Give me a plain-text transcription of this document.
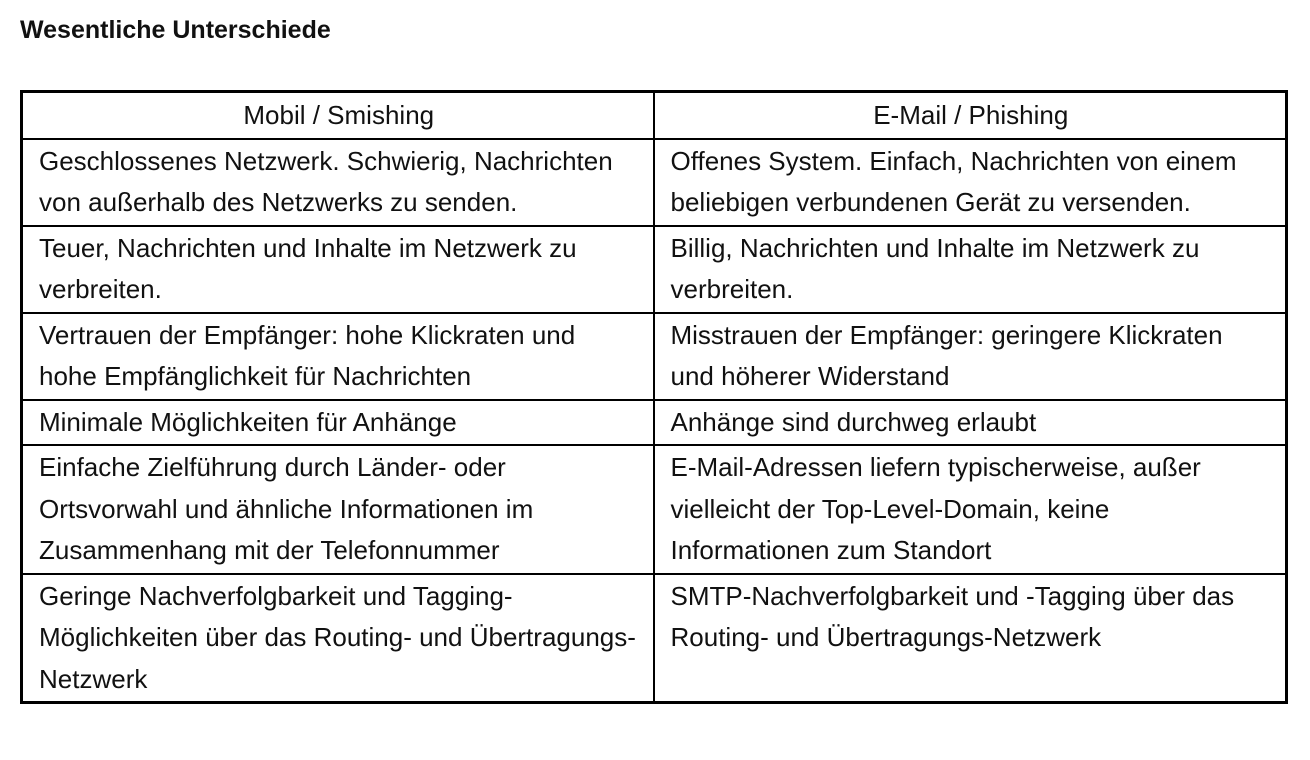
Wesentliche Unterschiede
Mobil / Smishing	E-Mail / Phishing
Geschlossenes Netzwerk. Schwierig, Nachrichten von außerhalb des Netzwerks zu senden.	Offenes System. Einfach, Nachrichten von einem beliebigen verbundenen Gerät zu versenden.
Teuer, Nachrichten und Inhalte im Netzwerk zu verbreiten.	Billig, Nachrichten und Inhalte im Netzwerk zu verbreiten.
Vertrauen der Empfänger: hohe Klickraten und hohe Empfänglichkeit für Nachrichten	Misstrauen der Empfänger: geringere Klickraten und höherer Widerstand
Minimale Möglichkeiten für Anhänge	Anhänge sind durchweg erlaubt
Einfache Zielführung durch Länder- oder Ortsvorwahl und ähnliche Informationen im Zusammenhang mit der Telefonnummer	E-Mail-Adressen liefern typischerweise, außer vielleicht der Top-Level-Domain, keine Informationen zum Standort
Geringe Nachverfolgbarkeit und Tagging-Möglichkeiten über das Routing- und Übertragungs-Netzwerk	SMTP-Nachverfolgbarkeit und -Tagging über das Routing- und Übertragungs-Netzwerk
